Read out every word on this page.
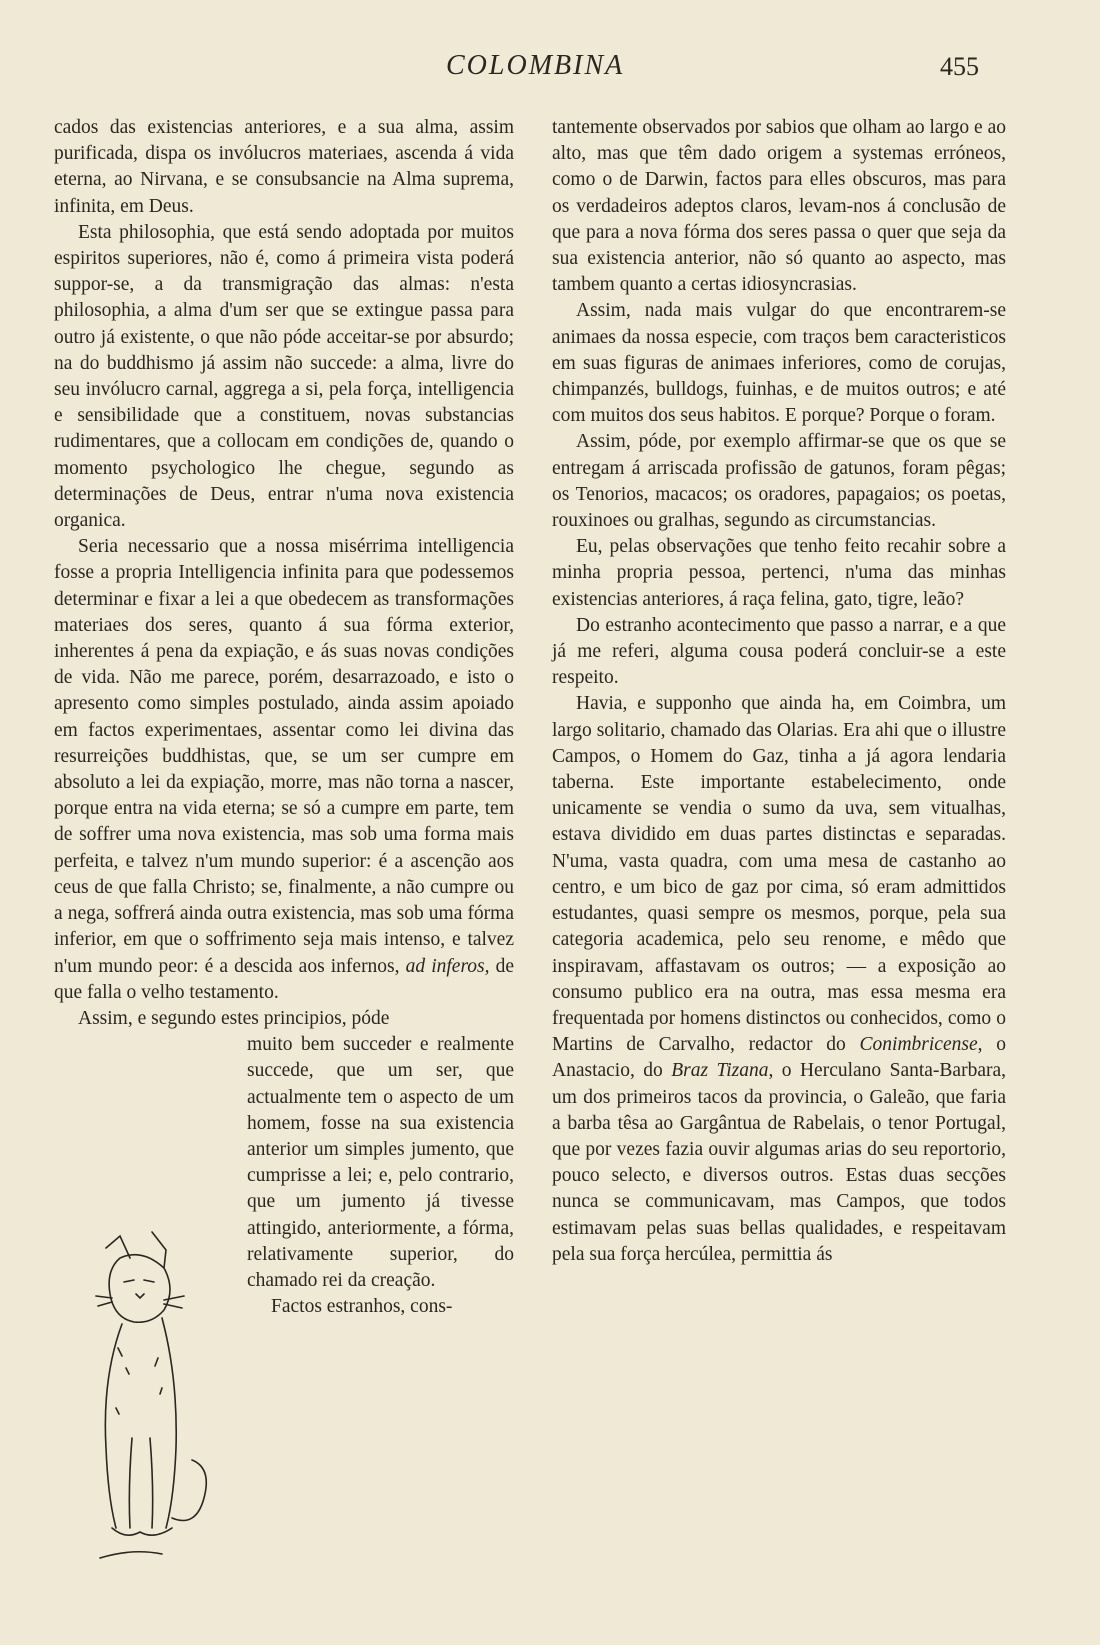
COLOMBINA	455

cados das existencias anteriores, e a sua alma, assim purificada, dispa os invólucros materiaes, ascenda á vida eterna, ao Nirvana, e se consubsancie na Alma suprema, infinita, em Deus.

Esta philosophia, que está sendo adoptada por muitos espiritos superiores, não é, como á primeira vista poderá suppor-se, a da transmigração das almas: n'esta philosophia, a alma d'um ser que se extingue passa para outro já existente, o que não póde acceitar-se por absurdo; na do buddhismo já assim não succede: a alma, livre do seu invólucro carnal, aggrega a si, pela força, intelligencia e sensibilidade que a constituem, novas substancias rudimentares, que a collocam em condições de, quando o momento psychologico lhe chegue, segundo as determinações de Deus, entrar n'uma nova existencia organica.

Seria necessario que a nossa misérrima intelligencia fosse a propria Intelligencia infinita para que podessemos determinar e fixar a lei a que obedecem as transformações materiaes dos seres, quanto á sua fórma exterior, inherentes á pena da expiação, e ás suas novas condições de vida. Não me parece, porém, desarrazoado, e isto o apresento como simples postulado, ainda assim apoiado em factos experimentaes, assentar como lei divina das resurreições buddhistas, que, se um ser cumpre em absoluto a lei da expiação, morre, mas não torna a nascer, porque entra na vida eterna; se só a cumpre em parte, tem de soffrer uma nova existencia, mas sob uma forma mais perfeita, e talvez n'um mundo superior: é a ascenção aos ceus de que falla Christo; se, finalmente, a não cumpre ou a nega, soffrerá ainda outra existencia, mas sob uma fórma inferior, em que o soffrimento seja mais intenso, e talvez n'um mundo peor: é a descida aos infernos, ad inferos, de que falla o velho testamento.

Assim, e segundo estes principios, póde

muito bem succeder e realmente succede, que um ser, que actualmente tem o aspecto de um homem, fosse na sua existencia anterior um simples jumento, que cumprisse a lei; e, pelo contrario, que um jumento já tivesse attingido, anteriormente, a fórma, relativamente superior, do chamado rei da creação.

Factos estranhos, cons-

tantemente observados por sabios que olham ao largo e ao alto, mas que têm dado origem a systemas erróneos, como o de Darwin, factos para elles obscuros, mas para os verdadeiros adeptos claros, levam-nos á conclusão de que para a nova fórma dos seres passa o quer que seja da sua existencia anterior, não só quanto ao aspecto, mas tambem quanto a certas idiosyncrasias.

Assim, nada mais vulgar do que encontrarem-se animaes da nossa especie, com traços bem caracteristicos em suas figuras de animaes inferiores, como de corujas, chimpanzés, bulldogs, fuinhas, e de muitos outros; e até com muitos dos seus habitos. E porque? Porque o foram.

Assim, póde, por exemplo affirmar-se que os que se entregam á arriscada profissão de gatunos, foram pêgas; os Tenorios, macacos; os oradores, papagaios; os poetas, rouxinoes ou gralhas, segundo as circumstancias.

Eu, pelas observações que tenho feito recahir sobre a minha propria pessoa, pertenci, n'uma das minhas existencias anteriores, á raça felina, gato, tigre, leão?

Do estranho acontecimento que passo a narrar, e a que já me referi, alguma cousa poderá concluir-se a este respeito.

Havia, e supponho que ainda ha, em Coimbra, um largo solitario, chamado das Olarias. Era ahi que o illustre Campos, o Homem do Gaz, tinha a já agora lendaria taberna. Este importante estabelecimento, onde unicamente se vendia o sumo da uva, sem vitualhas, estava dividido em duas partes distinctas e separadas. N'uma, vasta quadra, com uma mesa de castanho ao centro, e um bico de gaz por cima, só eram admittidos estudantes, quasi sempre os mesmos, porque, pela sua categoria academica, pelo seu renome, e mêdo que inspiravam, affastavam os outros; — a exposição ao consumo publico era na outra, mas essa mesma era frequentada por homens distinctos ou conhecidos, como o Martins de Carvalho, redactor do Conimbricense, o Anastacio, do Braz Tizana, o Herculano Santa-Barbara, um dos primeiros tacos da provincia, o Galeão, que faria a barba têsa ao Gargântua de Rabelais, o tenor Portugal, que por vezes fazia ouvir algumas arias do seu reportorio, pouco selecto, e diversos outros. Estas duas secções nunca se communicavam, mas Campos, que todos estimavam pelas suas bellas qualidades, e respeitavam pela sua força hercúlea, permittia ás
